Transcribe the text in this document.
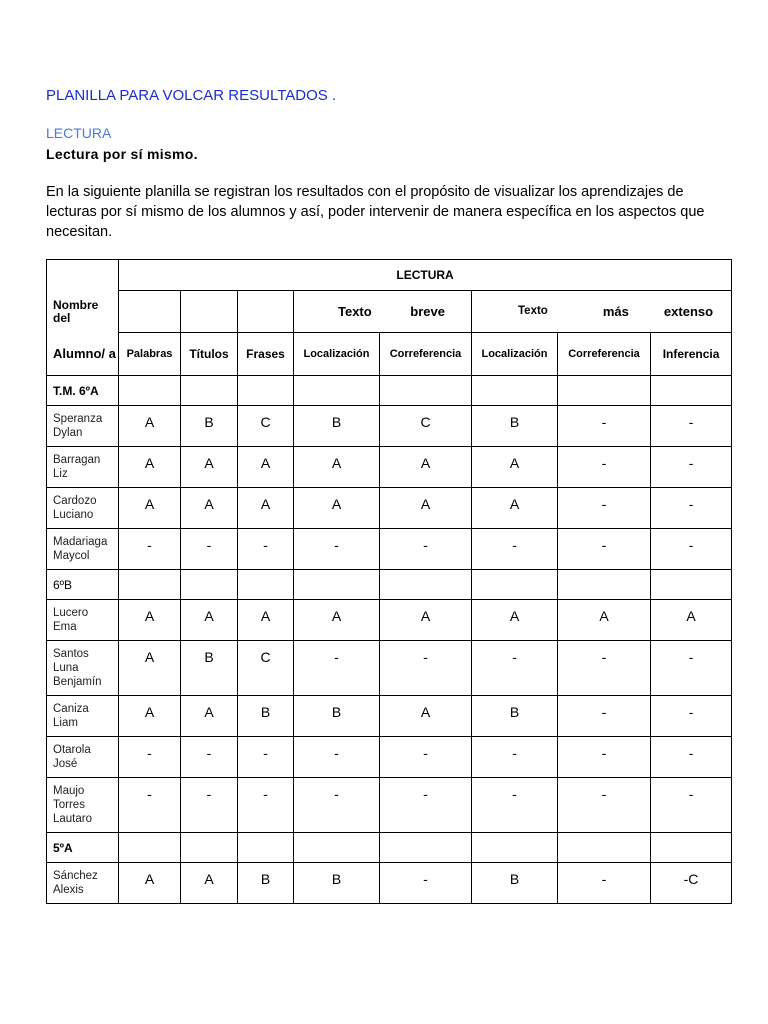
PLANILLA PARA VOLCAR RESULTADOS .
LECTURA
Lectura por sí mismo.
En la siguiente planilla se registran los resultados con el propósito de visualizar los aprendizajes de lecturas por sí mismo de los alumnos y así, poder intervenir de manera específica en los aspectos que necesitan.
	LECTURA							
Nombre del				Texto breve		Texto más extenso		

Alumno/ a	Palabras	Títulos	Frases	Localización	Correferencia	Localización	Correferencia	Inferencia
T.M. 6ºA								
Speranza Dylan	A	B	C	B	C	B	-	-
Barragan Liz	A	A	A	A	A	A	-	-
Cardozo Luciano	A	A	A	A	A	A	-	-
Madariaga Maycol	-	-	-	-	-	-	-	-
6ºB								
Lucero Ema	A	A	A	A	A	A	A	A
Santos Luna Benjamín	A	B	C	-	-	-	-	-
Caniza Liam	A	A	B	B	A	B	-	-
Otarola José	-	-	-	-	-	-	-	-
Maujo Torres Lautaro	-	-	-	-	-	-	-	-
5ºA								
Sánchez Alexis	A	A	B	B	-	B	-	-C
